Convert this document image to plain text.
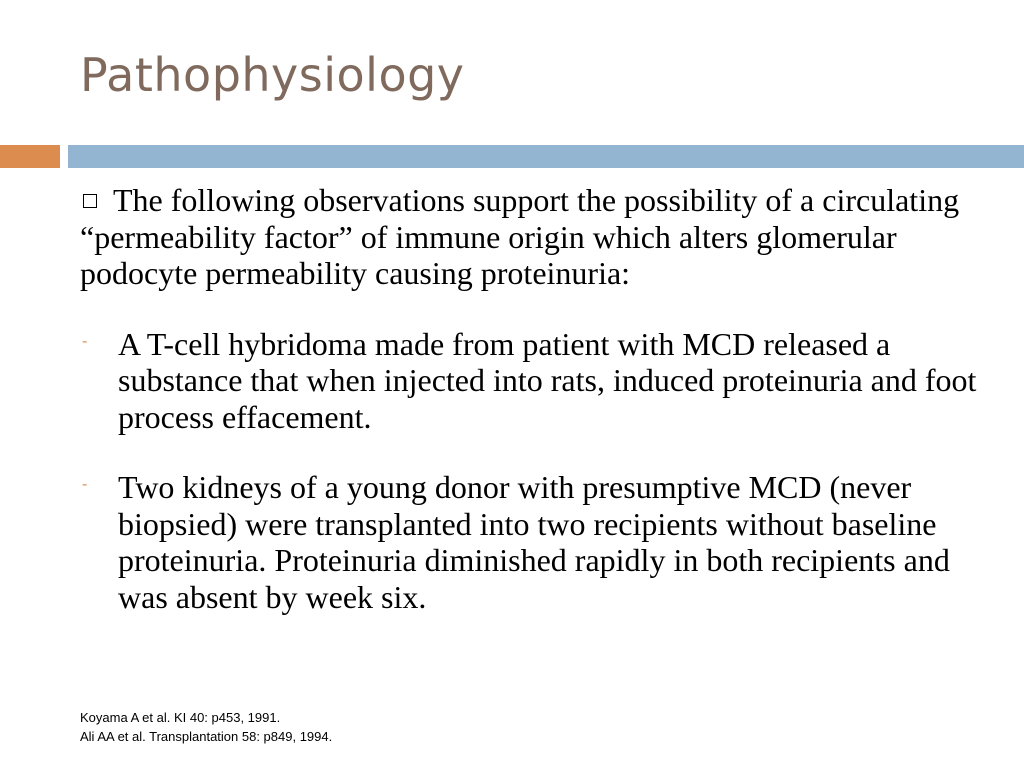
Pathophysiology

The following observations support the possibility of a circulating “permeability factor” of immune origin which alters glomerular podocyte permeability causing proteinuria:

- A T-cell hybridoma made from patient with MCD released a substance that when injected into rats, induced proteinuria and foot process effacement.

- Two kidneys of a young donor with presumptive MCD (never biopsied) were transplanted into two recipients without baseline proteinuria. Proteinuria diminished rapidly in both recipients and was absent by week six.

Koyama A et al. KI 40: p453, 1991.
Ali AA et al. Transplantation 58: p849, 1994.
